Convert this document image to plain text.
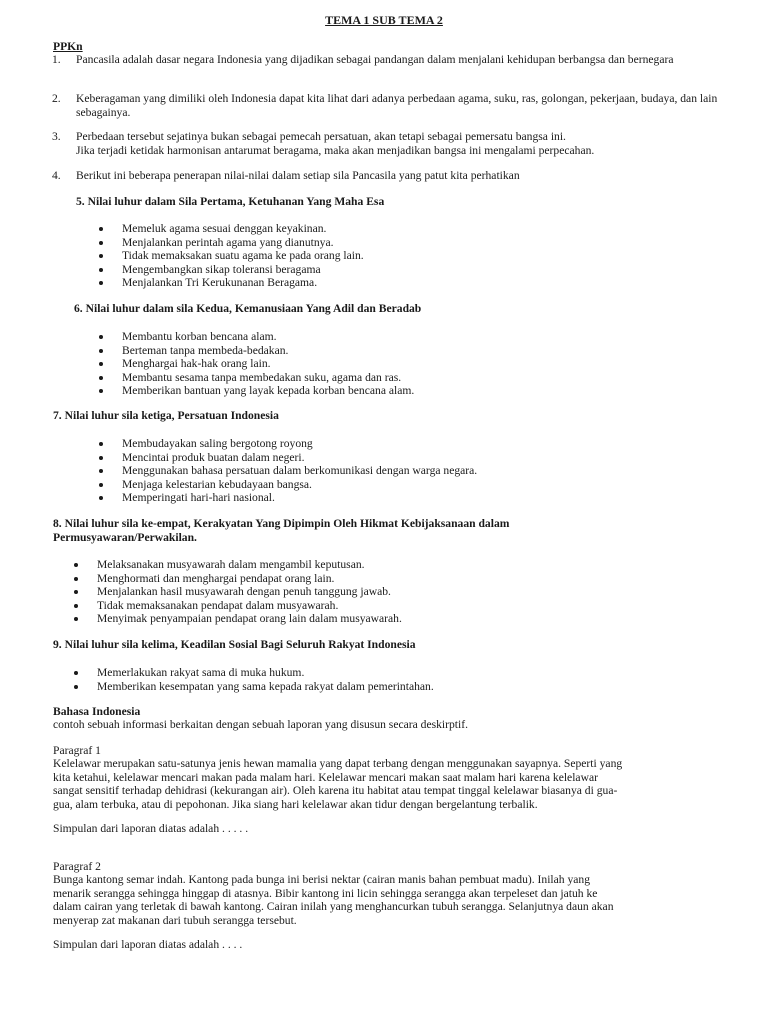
TEMA 1 SUB TEMA 2
PPKn
1. Pancasila adalah dasar negara Indonesia yang dijadikan sebagai pandangan dalam menjalani kehidupan berbangsa dan bernegara
2. Keberagaman yang dimiliki oleh Indonesia dapat kita lihat dari adanya perbedaan agama, suku, ras, golongan, pekerjaan, budaya, dan lain sebagainya.
3. Perbedaan tersebut sejatinya bukan sebagai pemecah persatuan, akan tetapi sebagai pemersatu bangsa ini.
Jika terjadi ketidak harmonisan antarumat beragama, maka akan menjadikan bangsa ini mengalami perpecahan.
4. Berikut ini beberapa penerapan nilai-nilai dalam setiap sila Pancasila yang patut kita perhatikan
5. Nilai luhur dalam Sila Pertama, Ketuhanan Yang Maha Esa
Memeluk agama sesuai denggan keyakinan.
Menjalankan perintah agama yang dianutnya.
Tidak memaksakan suatu agama ke pada orang lain.
Mengembangkan sikap toleransi beragama
Menjalankan Tri Kerukunanan Beragama.
6. Nilai luhur dalam sila Kedua, Kemanusiaan Yang Adil dan Beradab
Membantu korban bencana alam.
Berteman tanpa membeda-bedakan.
Menghargai hak-hak orang lain.
Membantu sesama tanpa membedakan suku, agama dan ras.
Memberikan bantuan yang layak kepada korban bencana alam.
7. Nilai luhur sila ketiga, Persatuan Indonesia
Membudayakan saling bergotong royong
Mencintai produk buatan dalam negeri.
Menggunakan bahasa persatuan dalam berkomunikasi dengan warga negara.
Menjaga kelestarian kebudayaan bangsa.
Memperingati hari-hari nasional.
8. Nilai luhur sila ke-empat, Kerakyatan Yang Dipimpin Oleh Hikmat Kebijaksanaan dalam
Permusyawaran/Perwakilan.
Melaksanakan musyawarah dalam mengambil keputusan.
Menghormati dan menghargai pendapat orang lain.
Menjalankan hasil musyawarah dengan penuh tanggung jawab.
Tidak memaksanakan pendapat dalam musyawarah.
Menyimak penyampaian pendapat orang lain dalam musyawarah.
9. Nilai luhur sila kelima, Keadilan Sosial Bagi Seluruh Rakyat Indonesia
Memerlakukan rakyat sama di muka hukum.
Memberikan kesempatan yang sama kepada rakyat dalam pemerintahan.
Bahasa Indonesia
contoh sebuah informasi berkaitan dengan sebuah laporan yang disusun secara deskirptif.
Paragraf 1
Kelelawar merupakan satu-satunya jenis hewan mamalia yang dapat terbang dengan menggunakan sayapnya. Seperti yang
kita ketahui, kelelawar mencari makan pada malam hari. Kelelawar mencari makan saat malam hari karena kelelawar
sangat sensitif terhadap dehidrasi (kekurangan air). Oleh karena itu habitat atau tempat tinggal kelelawar biasanya di gua-
gua, alam terbuka, atau di pepohonan. Jika siang hari kelelawar akan tidur dengan bergelantung terbalik.
Simpulan dari laporan diatas adalah . . . . .
Paragraf 2
Bunga kantong semar indah. Kantong pada bunga ini berisi nektar (cairan manis bahan pembuat madu). Inilah yang
menarik serangga sehingga hinggap di atasnya. Bibir kantong ini licin sehingga serangga akan terpeleset dan jatuh ke
dalam cairan yang terletak di bawah kantong. Cairan inilah yang menghancurkan tubuh serangga. Selanjutnya daun akan
menyerap zat makanan dari tubuh serangga tersebut.
Simpulan dari laporan diatas adalah . . . .
